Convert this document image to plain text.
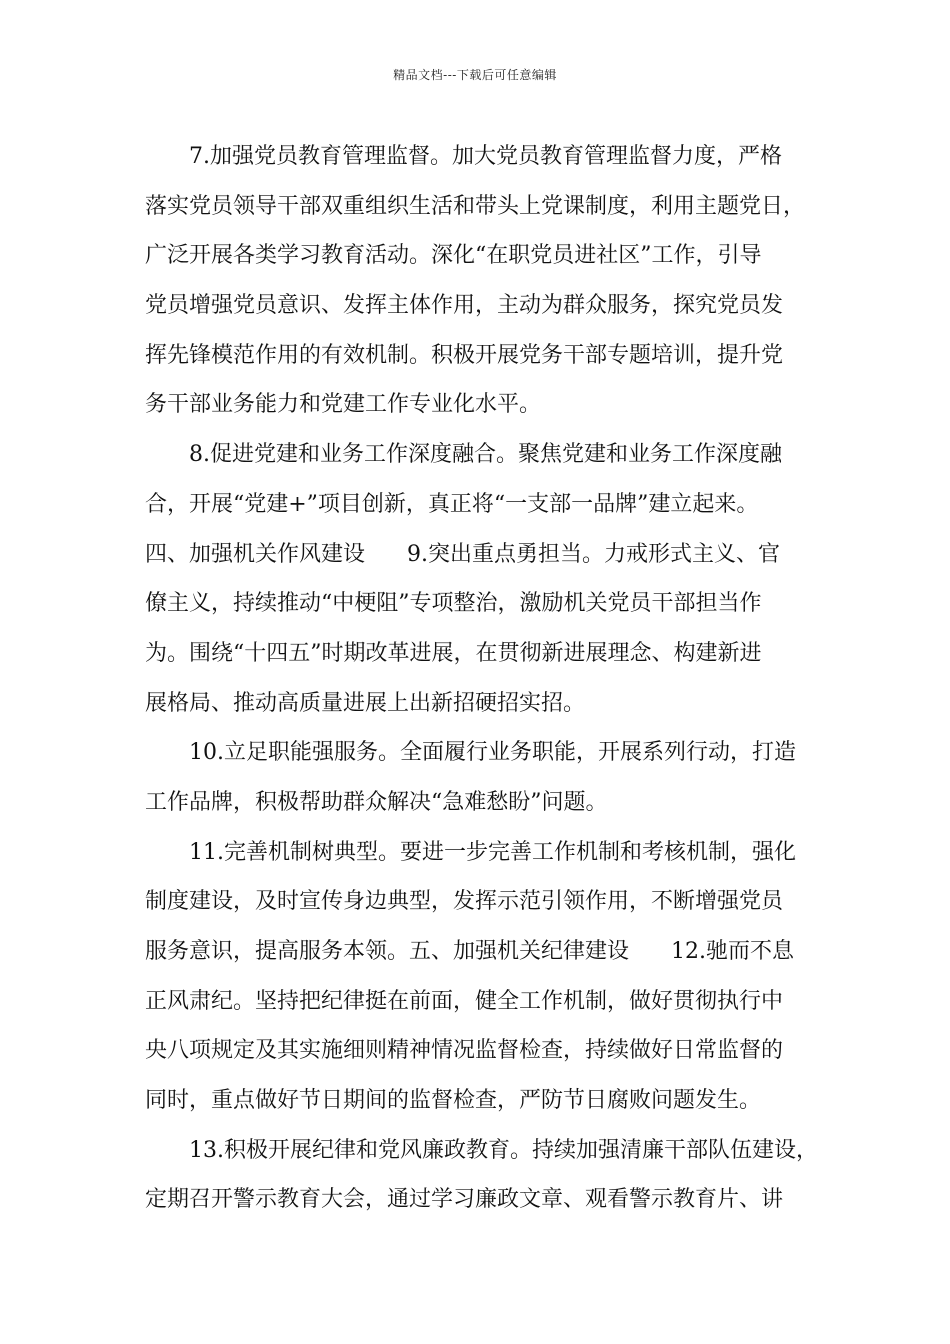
精品文档---下载后可任意编辑
7.加强党员教育管理监督。加大党员教育管理监督力度，严格
落实党员领导干部双重组织生活和带头上党课制度，利用主题党日，
广泛开展各类学习教育活动。深化“在职党员进社区”工作，引导
党员增强党员意识、发挥主体作用，主动为群众服务，探究党员发
挥先锋模范作用的有效机制。积极开展党务干部专题培训，提升党
务干部业务能力和党建工作专业化水平。
8.促进党建和业务工作深度融合。聚焦党建和业务工作深度融
合，开展“党建+”项目创新，真正将“一支部一品牌”建立起来。
四、加强机关作风建设 9.突出重点勇担当。力戒形式主义、官
僚主义，持续推动“中梗阻”专项整治，激励机关党员干部担当作
为。围绕“十四五”时期改革进展，在贯彻新进展理念、构建新进
展格局、推动高质量进展上出新招硬招实招。
10.立足职能强服务。全面履行业务职能，开展系列行动，打造
工作品牌，积极帮助群众解决“急难愁盼”问题。
11.完善机制树典型。要进一步完善工作机制和考核机制，强化
制度建设，及时宣传身边典型，发挥示范引领作用，不断增强党员
服务意识，提高服务本领。五、加强机关纪律建设 12.驰而不息
正风肃纪。坚持把纪律挺在前面，健全工作机制，做好贯彻执行中
央八项规定及其实施细则精神情况监督检查，持续做好日常监督的
同时，重点做好节日期间的监督检查，严防节日腐败问题发生。
13.积极开展纪律和党风廉政教育。持续加强清廉干部队伍建设，
定期召开警示教育大会，通过学习廉政文章、观看警示教育片、讲
